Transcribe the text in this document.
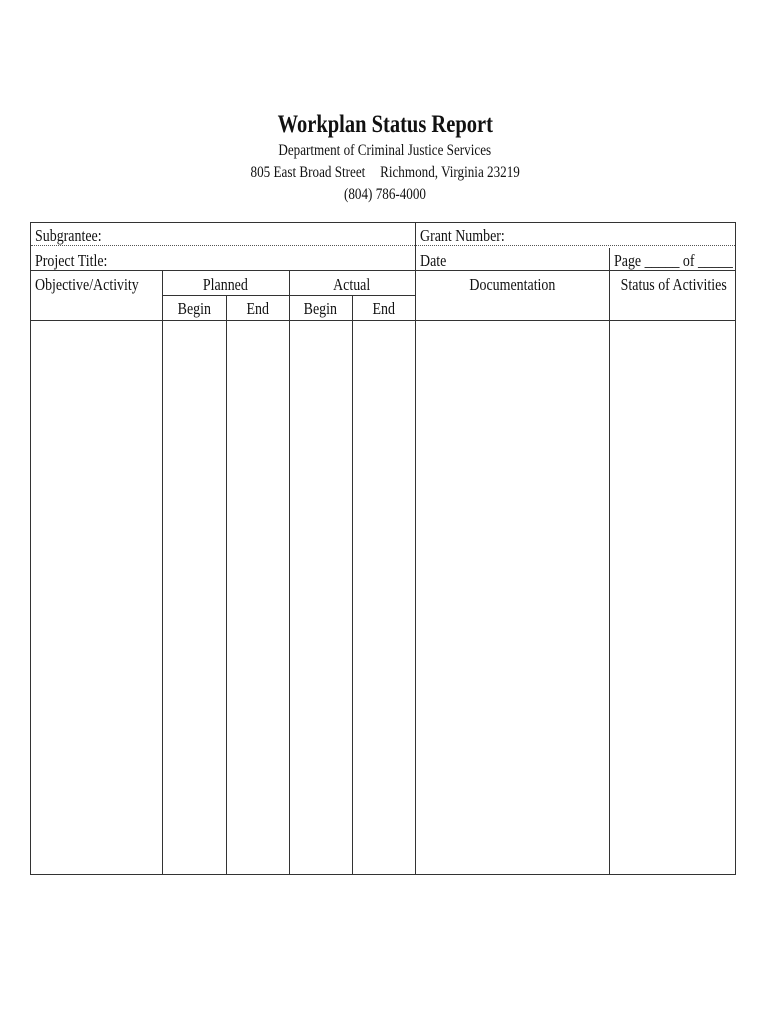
Workplan Status Report
Department of Criminal Justice Services
805 East Broad Street Richmond, Virginia 23219
(804) 786-4000
Subgrantee:	Grant Number:
Project Title:	Date	Page _____ of _____
Objective/Activity	Planned	Actual	Documentation	Status of Activities
Begin	End	Begin	End
